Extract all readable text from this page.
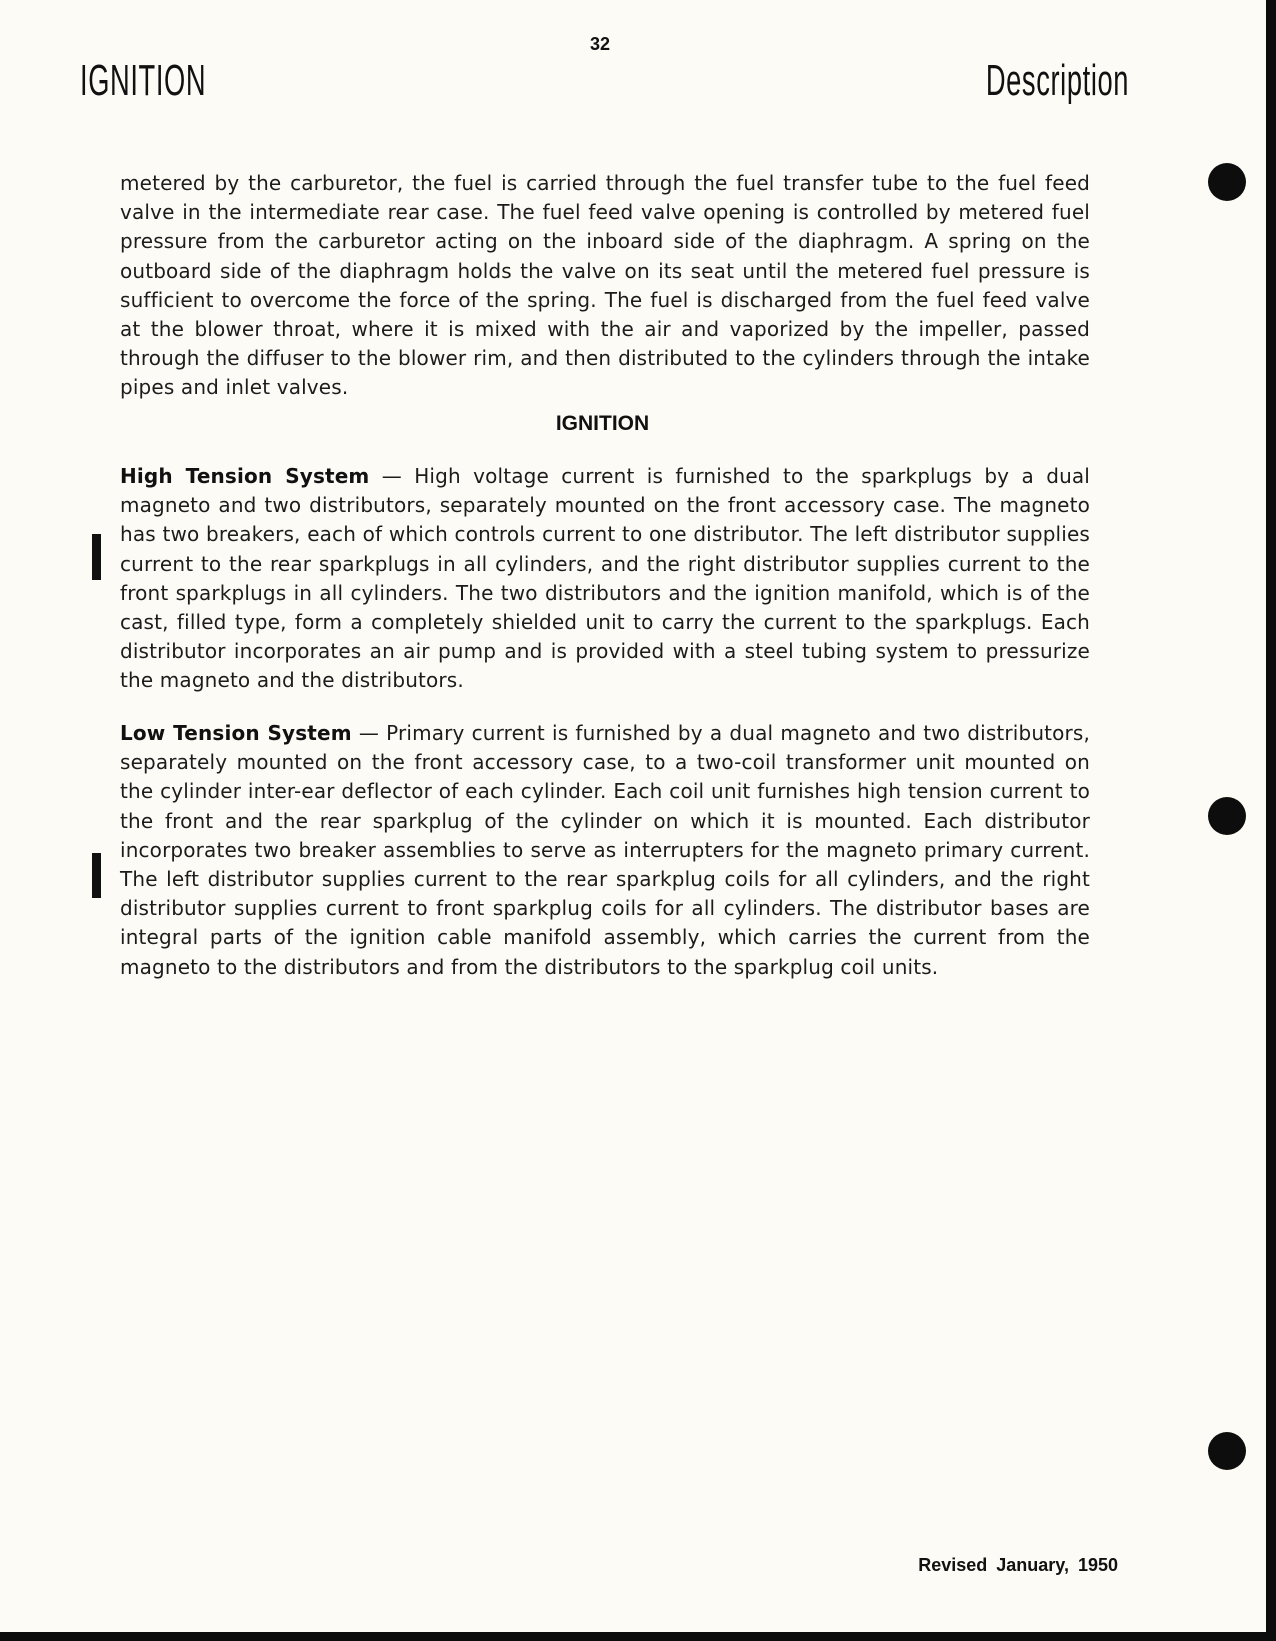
32
IGNITION	Description

metered by the carburetor, the fuel is carried through the fuel transfer tube to the fuel feed valve in the intermediate rear case. The fuel feed valve opening is controlled by metered fuel pressure from the carburetor acting on the inboard side of the diaphragm. A spring on the outboard side of the diaphragm holds the valve on its seat until the metered fuel pressure is sufficient to overcome the force of the spring. The fuel is discharged from the fuel feed valve at the blower throat, where it is mixed with the air and vaporized by the impeller, passed through the diffuser to the blower rim, and then distributed to the cylinders through the intake pipes and inlet valves.

IGNITION

High Tension System — High voltage current is furnished to the sparkplugs by a dual magneto and two distributors, separately mounted on the front accessory case. The magneto has two breakers, each of which controls current to one distributor. The left distributor supplies current to the rear sparkplugs in all cylinders, and the right distributor supplies current to the front sparkplugs in all cylinders. The two distributors and the ignition manifold, which is of the cast, filled type, form a completely shielded unit to carry the current to the sparkplugs. Each distributor incorporates an air pump and is provided with a steel tubing system to pressurize the magneto and the distributors.

Low Tension System — Primary current is furnished by a dual magneto and two distributors, separately mounted on the front accessory case, to a two-coil transformer unit mounted on the cylinder inter-ear deflector of each cylinder. Each coil unit furnishes high tension current to the front and the rear sparkplug of the cylinder on which it is mounted. Each distributor incorporates two breaker assemblies to serve as interrupters for the magneto primary current. The left distributor supplies current to the rear sparkplug coils for all cylinders, and the right distributor supplies current to front sparkplug coils for all cylinders. The distributor bases are integral parts of the ignition cable manifold assembly, which carries the current from the magneto to the distributors and from the distributors to the sparkplug coil units.

Revised January, 1950
